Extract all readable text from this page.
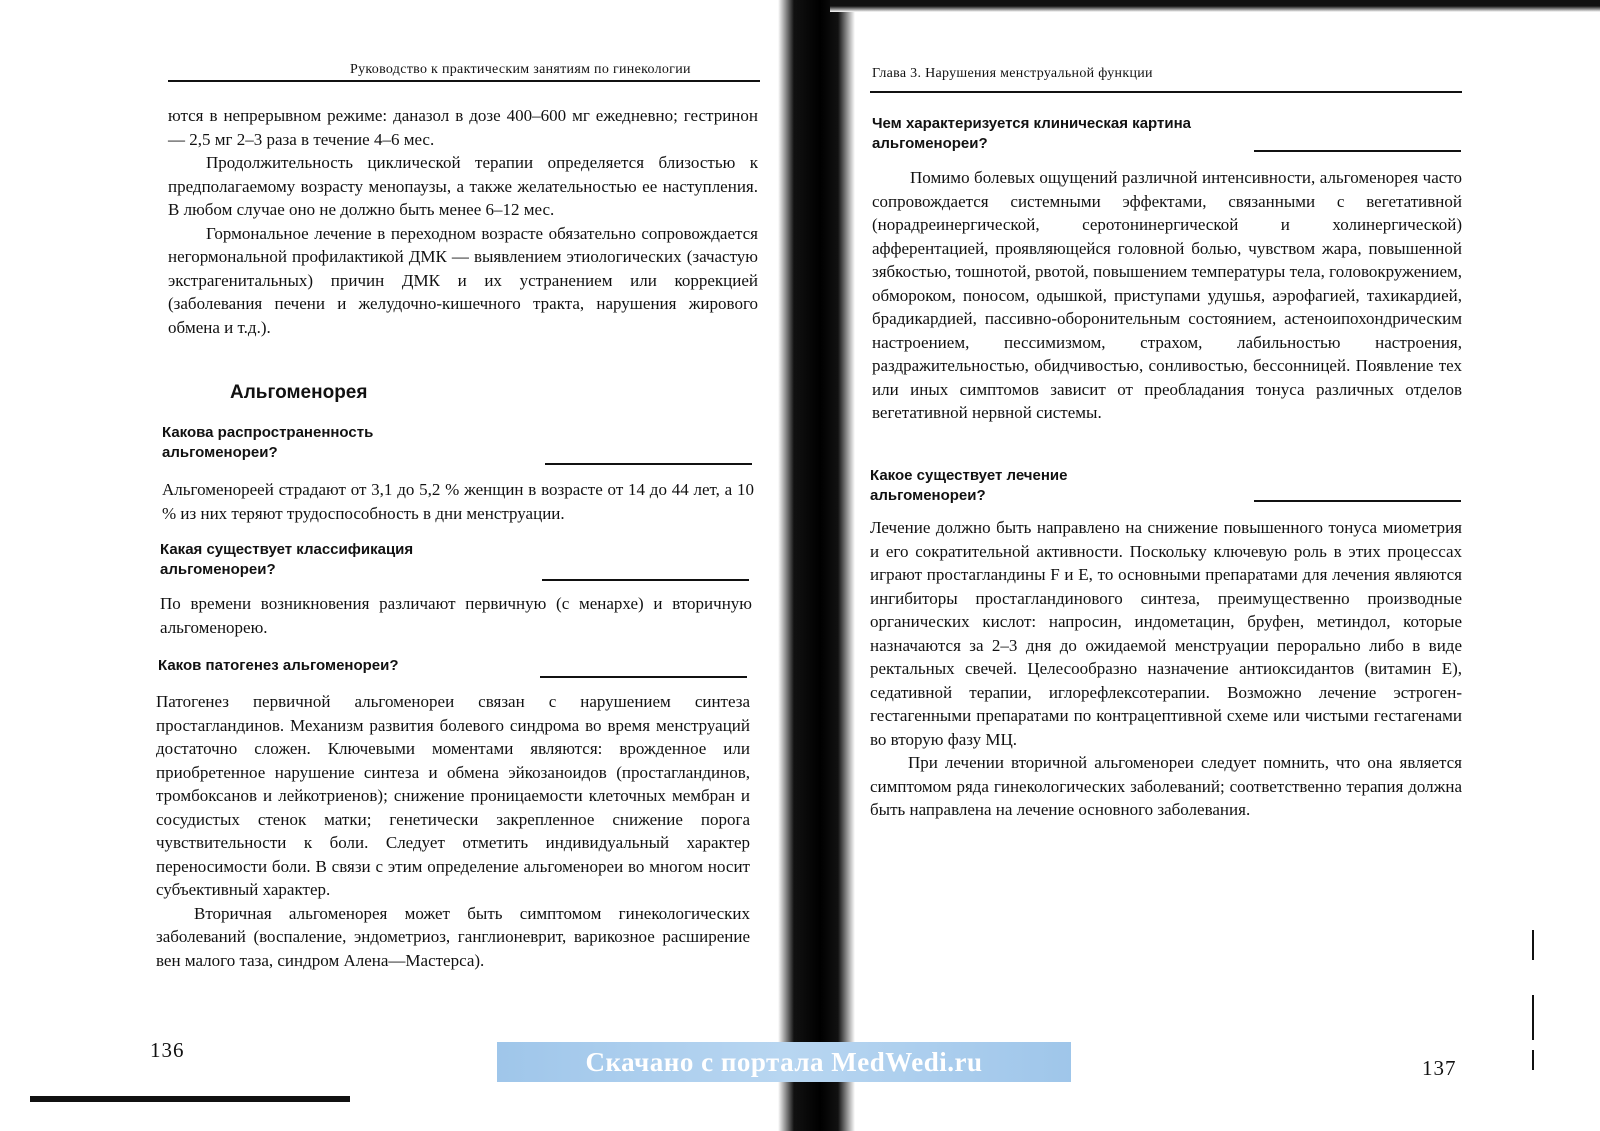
Руководство к практическим занятиям по гинекологии

ются в непрерывном режиме: даназол в дозе 400–600 мг ежедневно; гестринон — 2,5 мг 2–3 раза в течение 4–6 мес.

Продолжительность циклической терапии определяется близостью к предполагаемому возрасту менопаузы, а также желательностью ее наступления. В любом случае оно не должно быть менее 6–12 мес.

Гормональное лечение в переходном возрасте обязательно сопровождается негормональной профилактикой ДМК — выявлением этиологических (зачастую экстрагенитальных) причин ДМК и их устранением или коррекцией (заболевания печени и желудочно-кишечного тракта, нарушения жирового обмена и т.д.).

Альгоменорея
Какова распространенность альгоменореи?

Альгоменореей страдают от 3,1 до 5,2 % женщин в возрасте от 14 до 44 лет, а 10 % из них теряют трудоспособность в дни менструации.

Какая существует классификация альгоменореи?

По времени возникновения различают первичную (с менархе) и вторичную альгоменорею.

Каков патогенез альгоменореи?

Патогенез первичной альгоменореи связан с нарушением синтеза простагландинов. Механизм развития болевого синдрома во время менструаций достаточно сложен. Ключевыми моментами являются: врожденное или приобретенное нарушение синтеза и обмена эйкозаноидов (простагландинов, тромбоксанов и лейкотриенов); снижение проницаемости клеточных мембран и сосудистых стенок матки; генетически закрепленное снижение порога чувствительности к боли. Следует отметить индивидуальный характер переносимости боли. В связи с этим определение альгоменореи во многом носит субъективный характер.

Вторичная альгоменорея может быть симптомом гинекологических заболеваний (воспаление, эндометриоз, ганглионеврит, варикозное расширение вен малого таза, синдром Алена—Мастерса).

136
Глава 3. Нарушения менструальной функции
Чем характеризуется клиническая картина альгоменореи?

Помимо болевых ощущений различной интенсивности, альгоменорея часто сопровождается системными эффектами, связанными с вегетативной (норадреинергической, серотонинергической и холинергической) афферентацией, проявляющейся головной болью, чувством жара, повышенной зябкостью, тошнотой, рвотой, повышением температуры тела, головокружением, обмороком, поносом, одышкой, приступами удушья, аэрофагией, тахикардией, брадикардией, пассивно-оборонительным состоянием, астеноипохондрическим настроением, пессимизмом, страхом, лабильностью настроения, раздражительностью, обидчивостью, сонливостью, бессонницей. Появление тех или иных симптомов зависит от преобладания тонуса различных отделов вегетативной нервной системы.

Какое существует лечение альгоменореи?

Лечение должно быть направлено на снижение повышенного тонуса миометрия и его сократительной активности. Поскольку ключевую роль в этих процессах играют простагландины F и E, то основными препаратами для лечения являются ингибиторы простагландинового синтеза, преимущественно производные органических кислот: напросин, индометацин, бруфен, метиндол, которые назначаются за 2–3 дня до ожидаемой менструации перорально либо в виде ректальных свечей. Целесообразно назначение антиоксидантов (витамин E), седативной терапии, иглорефлексотерапии. Возможно лечение эстроген-гестагенными препаратами по контрацептивной схеме или чистыми гестагенами во вторую фазу МЦ.

При лечении вторичной альгоменореи следует помнить, что она является симптомом ряда гинекологических заболеваний; соответственно терапия должна быть направлена на лечение основного заболевания.

137
Скачано с портала MedWedi.ru
